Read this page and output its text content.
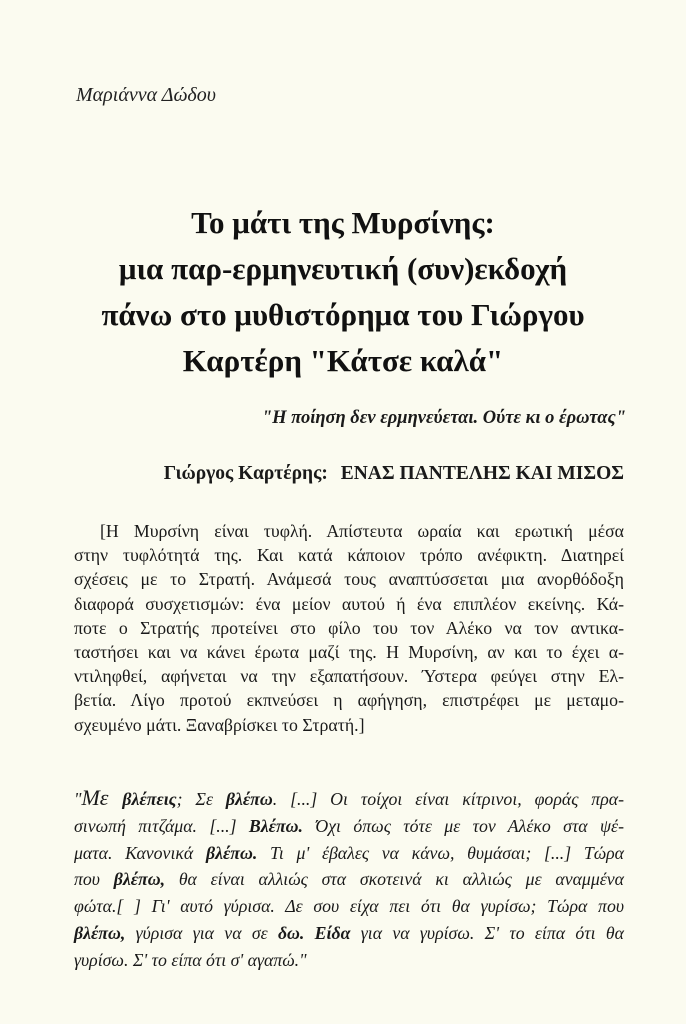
Μαριάννα Δώδου
Το μάτι της Μυρσίνης:
μια παρ-ερμηνευτική (συν)εκδοχή
πάνω στο μυθιστόρημα του Γιώργου
Καρτέρη "Κάτσε καλά"
"Η ποίηση δεν ερμηνεύεται. Ούτε κι ο έρωτας"
Γιώργος Καρτέρης: ΕΝΑΣ ΠΑΝΤΕΛΗΣ ΚΑΙ ΜΙΣΟΣ
[Η Μυρσίνη είναι τυφλή. Απίστευτα ωραία και ερωτική μέσα
στην τυφλότητά της. Και κατά κάποιον τρόπο ανέφικτη. Διατηρεί
σχέσεις με το Στρατή. Ανάμεσά τους αναπτύσσεται μια ανορθόδοξη
διαφορά συσχετισμών: ένα μείον αυτού ή ένα επιπλέον εκείνης. Κά-
ποτε ο Στρατής προτείνει στο φίλο του τον Αλέκο να τον αντικα-
ταστήσει και να κάνει έρωτα μαζί της. Η Μυρσίνη, αν και το έχει α-
ντιληφθεί, αφήνεται να την εξαπατήσουν. Ύστερα φεύγει στην Ελ-
βετία. Λίγο προτού εκπνεύσει η αφήγηση, επιστρέφει με μεταμο-
σχευμένο μάτι. Ξαναβρίσκει το Στρατή.]
"Με βλέπεις; Σε βλέπω. [...] Οι τοίχοι είναι κίτρινοι, φοράς πρα-
σινωπή πιτζάμα. [...] Βλέπω. Όχι όπως τότε με τον Αλέκο στα ψέ-
ματα. Κανονικά βλέπω. Τι μ' έβαλες να κάνω, θυμάσαι; [...] Τώρα
που βλέπω, θα είναι αλλιώς στα σκοτεινά κι αλλιώς με αναμμένα
φώτα.[ ] Γι' αυτό γύρισα. Δε σου είχα πει ότι θα γυρίσω; Τώρα που
βλέπω, γύρισα για να σε δω. Είδα για να γυρίσω. Σ' το είπα ότι θα
γυρίσω. Σ' το είπα ότι σ' αγαπώ."
